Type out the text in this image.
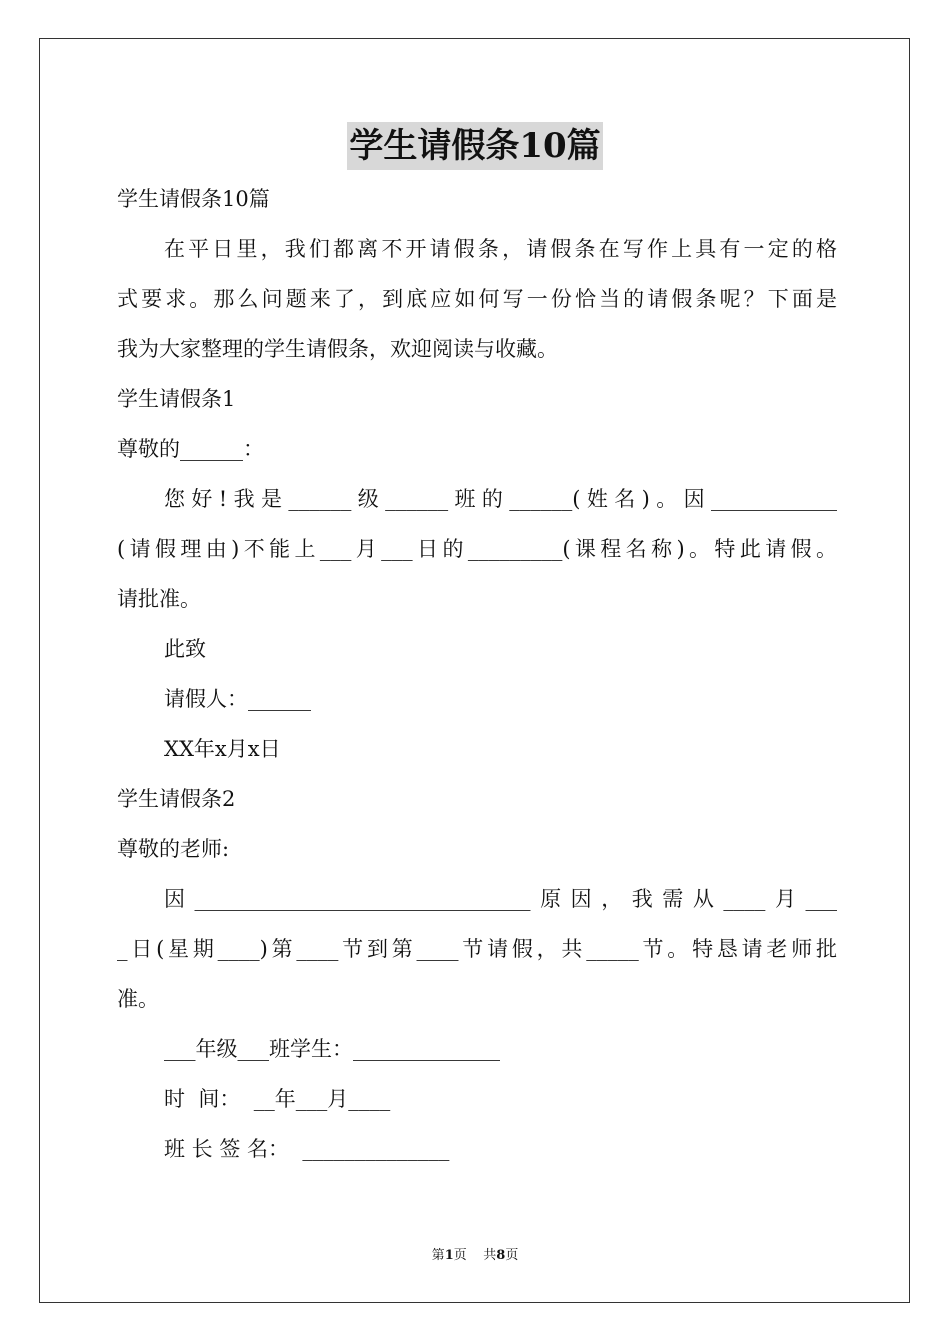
学生请假条10篇
学生请假条10篇
在平日里，我们都离不开请假条，请假条在写作上具有一定的格
式要求。那么问题来了，到底应如何写一份恰当的请假条呢？下面是
我为大家整理的学生请假条，欢迎阅读与收藏。
学生请假条1
尊敬的______：
您好!我是______级______班的______(姓名)。因____________
(请假理由)不能上___月___日的_________(课程名称)。特此请假。
请批准。
此致
请假人：______
XX年x月x日
学生请假条2
尊敬的老师:
因________________________________原因，我需从____月___
_日(星期____)第____节到第____节请假，共_____节。特恳请老师批
准。
___年级___班学生：______________
时  间：  __年___月____
班 长 签 名：  ______________
第1页    共8页
